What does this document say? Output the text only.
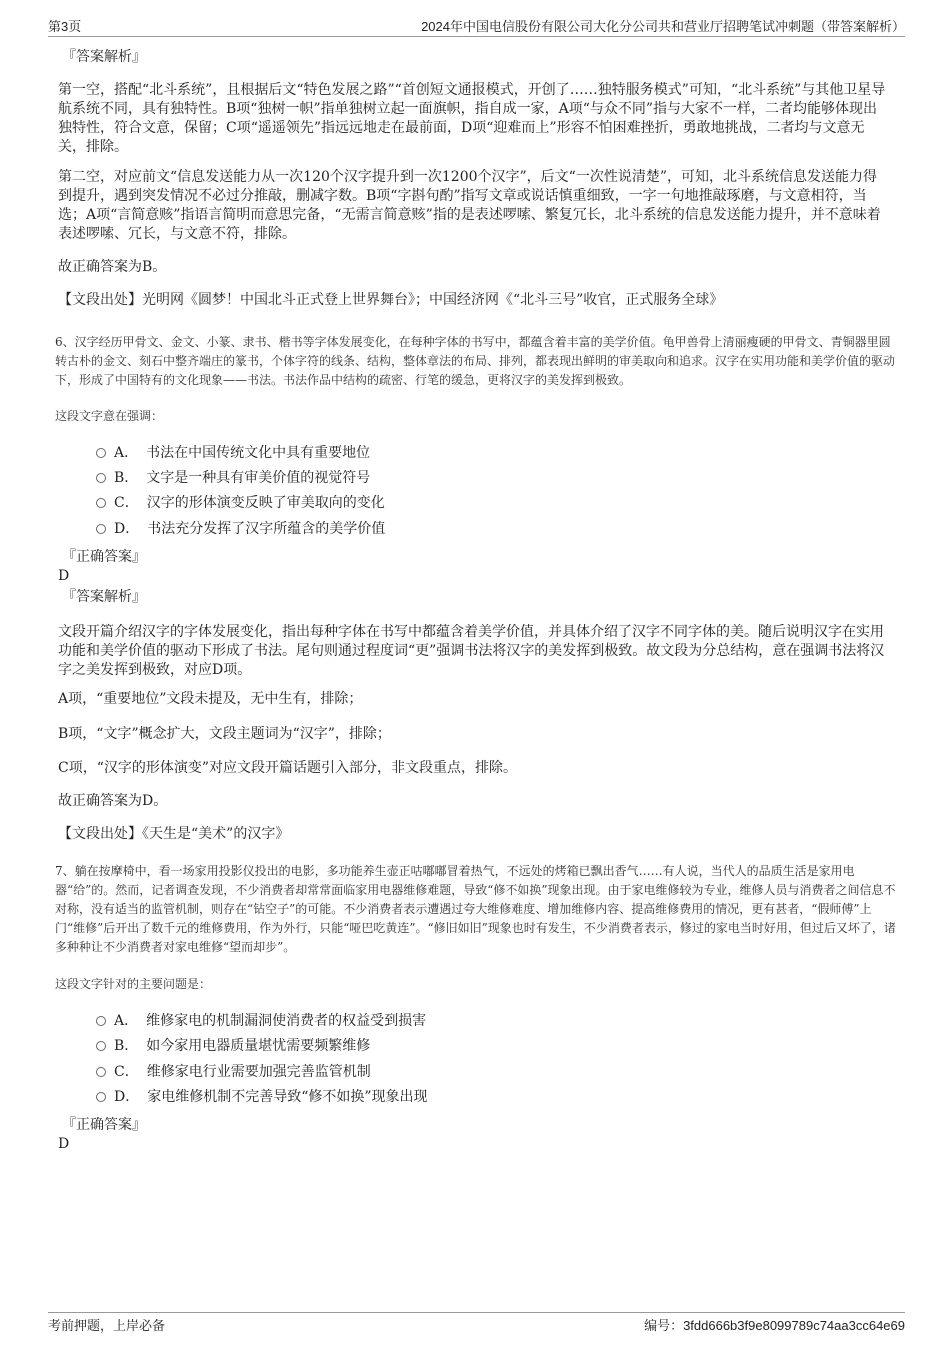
第3页	2024年中国电信股份有限公司大化分公司共和营业厅招聘笔试冲刺题（带答案解析）
『答案解析』
第一空，搭配“北斗系统”，且根据后文“特色发展之路”“首创短文通报模式，开创了……独特服务模式”可知，“北斗系统”与其他卫星导航系统不同，具有独特性。B项“独树一帜”指单独树立起一面旗帜，指自成一家，A项“与众不同”指与大家不一样，二者均能够体现出独特性，符合文意，保留；C项“遥遥领先”指远远地走在最前面，D项“迎难而上”形容不怕困难挫折，勇敢地挑战，二者均与文意无关，排除。
第二空，对应前文“信息发送能力从一次120个汉字提升到一次1200个汉字”，后文“一次性说清楚”，可知，北斗系统信息发送能力得到提升，遇到突发情况不必过分推敲，删减字数。B项“字斟句酌”指写文章或说话慎重细致，一字一句地推敲琢磨，与文意相符，当选；A项“言简意赅”指语言简明而意思完备，“无需言简意赅”指的是表述啰嗦、繁复冗长，北斗系统的信息发送能力提升，并不意味着表述啰嗦、冗长，与文意不符，排除。
故正确答案为B。
【文段出处】光明网《圆梦！中国北斗正式登上世界舞台》；中国经济网《“北斗三号”收官，正式服务全球》
6、汉字经历甲骨文、金文、小篆、隶书、楷书等字体发展变化，在每种字体的书写中，都蕴含着丰富的美学价值。龟甲兽骨上清丽瘦硬的甲骨文、青铜器里圆转古朴的金文、刻石中整齐端庄的篆书，个体字符的线条、结构，整体章法的布局、排列，都表现出鲜明的审美取向和追求。汉字在实用功能和美学价值的驱动下，形成了中国特有的文化现象——书法。书法作品中结构的疏密、行笔的缓急，更将汉字的美发挥到极致。
这段文字意在强调：
A． 书法在中国传统文化中具有重要地位
B． 文字是一种具有审美价值的视觉符号
C． 汉字的形体演变反映了审美取向的变化
D． 书法充分发挥了汉字所蕴含的美学价值
『正确答案』
D
『答案解析』
文段开篇介绍汉字的字体发展变化，指出每种字体在书写中都蕴含着美学价值，并具体介绍了汉字不同字体的美。随后说明汉字在实用功能和美学价值的驱动下形成了书法。尾句则通过程度词“更”强调书法将汉字的美发挥到极致。故文段为分总结构，意在强调书法将汉字之美发挥到极致，对应D项。
A项，“重要地位”文段未提及，无中生有，排除；
B项，“文字”概念扩大，文段主题词为“汉字”，排除；
C项，“汉字的形体演变”对应文段开篇话题引入部分，非文段重点，排除。
故正确答案为D。
【文段出处】《天生是“美术”的汉字》
7、躺在按摩椅中，看一场家用投影仪投出的电影，多功能养生壶正咕嘟嘟冒着热气，不远处的烤箱已飘出香气……有人说，当代人的品质生活是家用电器“给”的。然而，记者调查发现，不少消费者却常常面临家用电器维修难题，导致“修不如换”现象出现。由于家电维修较为专业，维修人员与消费者之间信息不对称，没有适当的监管机制，则存在“钻空子”的可能。不少消费者表示遭遇过夸大维修难度、增加维修内容、提高维修费用的情况，更有甚者，“假师傅”上门“维修”后开出了数千元的维修费用，作为外行，只能“哑巴吃黄连”。“修旧如旧”现象也时有发生，不少消费者表示，修过的家电当时好用，但过后又坏了，诸多种种让不少消费者对家电维修“望而却步”。
这段文字针对的主要问题是：
A． 维修家电的机制漏洞使消费者的权益受到损害
B． 如今家用电器质量堪忧需要频繁维修
C． 维修家电行业需要加强完善监管机制
D． 家电维修机制不完善导致“修不如换”现象出现
『正确答案』
D
考前押题，上岸必备	编号：3fdd666b3f9e8099789c74aa3cc64e69
